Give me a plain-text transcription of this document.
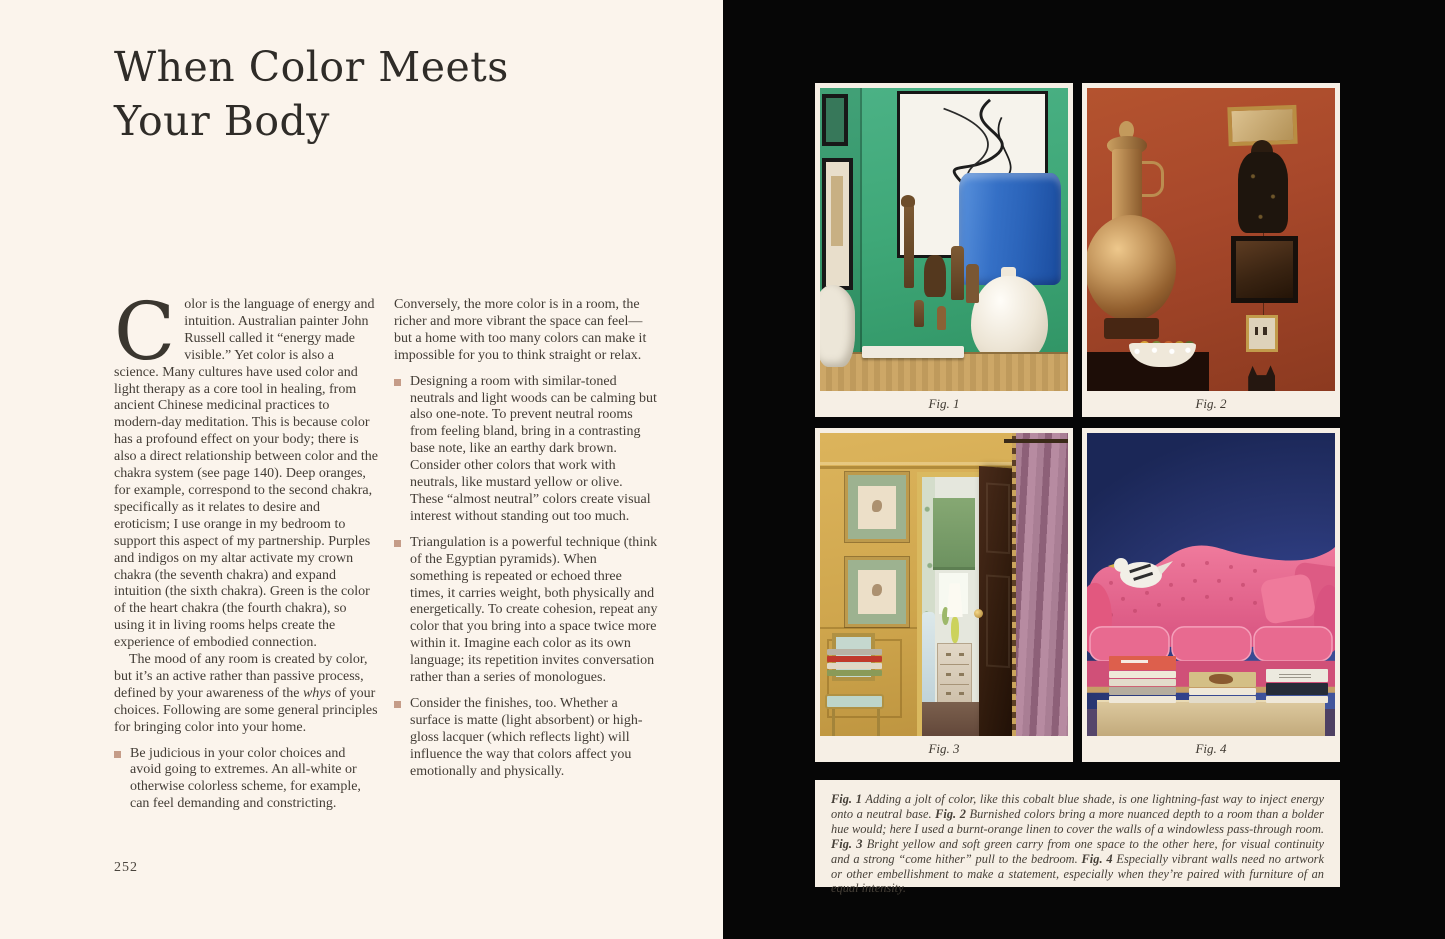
When Color Meets
Your Body

Color is the language of energy and intuition. Australian painter John Russell called it “energy made visible.” Yet color is also a science. Many cultures have used color and light therapy as a core tool in healing, from ancient Chinese medicinal practices to modern-day meditation. This is because color has a profound effect on your body; there is also a direct relationship between color and the chakra system (see page 140). Deep oranges, for example, correspond to the second chakra, specifically as it relates to desire and eroticism; I use orange in my bedroom to support this aspect of my partnership. Purples and indigos on my altar activate my crown chakra (the seventh chakra) and expand intuition (the sixth chakra). Green is the color of the heart chakra (the fourth chakra), so using it in living rooms helps create the experience of embodied connection.

The mood of any room is created by color, but it’s an active rather than passive process, defined by your awareness of the whys of your choices. Following are some general principles for bringing color into your home.

Be judicious in your color choices and avoid going to extremes. An all-white or otherwise colorless scheme, for example, can feel demanding and constricting.

Conversely, the more color is in a room, the richer and more vibrant the space can feel—but a home with too many colors can make it impossible for you to think straight or relax.

Designing a room with similar-toned neutrals and light woods can be calming but also one-note. To prevent neutral rooms from feeling bland, bring in a contrasting base note, like an earthy dark brown. Consider other colors that work with neutrals, like mustard yellow or olive. These “almost neutral” colors create visual interest without standing out too much.
Triangulation is a powerful technique (think of the Egyptian pyramids). When something is repeated or echoed three times, it carries weight, both physically and energetically. To create cohesion, repeat any color that you bring into a space twice more within it. Imagine each color as its own language; its repetition invites conversation rather than a series of monologues.
Consider the finishes, too. Whether a surface is matte (light absorbent) or high-gloss lacquer (which reflects light) will influence the way that colors affect you emotionally and physically.
252
Fig. 1	Fig. 2
Fig. 3	Fig. 4
Fig. 1 Adding a jolt of color, like this cobalt blue shade, is one lightning-fast way to inject energy onto a neutral base. Fig. 2 Burnished colors bring a more nuanced depth to a room than a bolder hue would; here I used a burnt-orange linen to cover the walls of a windowless pass-through room. Fig. 3 Bright yellow and soft green carry from one space to the other here, for visual continuity and a strong “come hither” pull to the bedroom. Fig. 4 Especially vibrant walls need no artwork or other embellishment to make a statement, especially when they’re paired with furniture of an equal intensity.
